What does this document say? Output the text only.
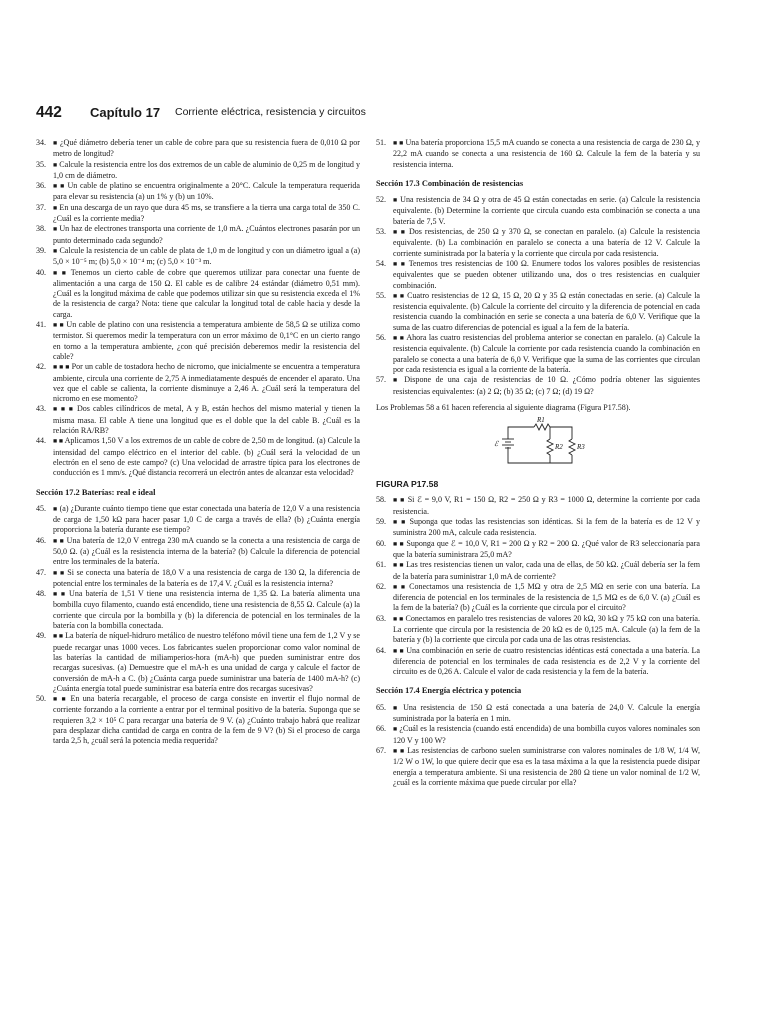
442 Capítulo 17 Corriente eléctrica, resistencia y circuitos

34. ■ ¿Qué diámetro debería tener un cable de cobre para que su resistencia fuera de 0,010 Ω por metro de longitud?

35. ■ Calcule la resistencia entre los dos extremos de un cable de aluminio de 0,25 m de longitud y 1,0 cm de diámetro.

36. ■ ■ Un cable de platino se encuentra originalmente a 20°C. Calcule la temperatura requerida para elevar su resistencia (a) un 1% y (b) un 10%.

37. ■ En una descarga de un rayo que dura 45 ms, se transfiere a la tierra una carga total de 350 C. ¿Cuál es la corriente media?

38. ■ Un haz de electrones transporta una corriente de 1,0 mA. ¿Cuántos electrones pasarán por un punto determinado cada segundo?

39. ■ Calcule la resistencia de un cable de plata de 1,0 m de longitud y con un diámetro igual a (a) 5,0 × 10⁻⁵ m; (b) 5,0 × 10⁻⁴ m; (c) 5,0 × 10⁻³ m.

40. ■ ■ Tenemos un cierto cable de cobre que queremos utilizar para conectar una fuente de alimentación a una carga de 150 Ω. El cable es de calibre 24 estándar (diámetro 0,51 mm). ¿Cuál es la longitud máxima de cable que podemos utilizar sin que su resistencia exceda el 1% de la resistencia de carga? Nota: tiene que calcular la longitud total de cable hacia y desde la carga.

41. ■ ■ Un cable de platino con una resistencia a temperatura ambiente de 58,5 Ω se utiliza como termistor. Si queremos medir la temperatura con un error máximo de 0,1°C en un cierto rango en torno a la temperatura ambiente, ¿con qué precisión deberemos medir la resistencia del cable?

42. ■ ■ ■ Por un cable de tostadora hecho de nicromo, que inicialmente se encuentra a temperatura ambiente, circula una corriente de 2,75 A inmediatamente después de encender el aparato. Una vez que el cable se calienta, la corriente disminuye a 2,46 A. ¿Cuál será la temperatura del nicromo en ese momento?

43. ■ ■ ■ Dos cables cilíndricos de metal, A y B, están hechos del mismo material y tienen la misma masa. El cable A tiene una longitud que es el doble que la del cable B. ¿Cuál es la relación RA/RB?

44. ■ ■ Aplicamos 1,50 V a los extremos de un cable de cobre de 2,50 m de longitud. (a) Calcule la intensidad del campo eléctrico en el interior del cable. (b) ¿Cuál será la velocidad de un electrón en el seno de este campo? (c) Una velocidad de arrastre típica para los electrones de conducción es 1 mm/s. ¿Qué distancia recorrerá un electrón antes de alcanzar esta velocidad?

Sección 17.2 Baterías: real e ideal

45. ■ (a) ¿Durante cuánto tiempo tiene que estar conectada una batería de 12,0 V a una resistencia de carga de 1,50 kΩ para hacer pasar 1,0 C de carga a través de ella? (b) ¿Cuánta energía proporciona la batería durante ese tiempo?

46. ■ ■ Una batería de 12,0 V entrega 230 mA cuando se la conecta a una resistencia de carga de 50,0 Ω. (a) ¿Cuál es la resistencia interna de la batería? (b) Calcule la diferencia de potencial entre los terminales de la batería.

47. ■ ■ Si se conecta una batería de 18,0 V a una resistencia de carga de 130 Ω, la diferencia de potencial entre los terminales de la batería es de 17,4 V. ¿Cuál es la resistencia interna?

48. ■ ■ Una batería de 1,51 V tiene una resistencia interna de 1,35 Ω. La batería alimenta una bombilla cuyo filamento, cuando está encendido, tiene una resistencia de 8,55 Ω. Calcule (a) la corriente que circula por la bombilla y (b) la diferencia de potencial en los terminales de la batería con la bombilla conectada.

49. ■ ■ La batería de níquel-hidruro metálico de nuestro teléfono móvil tiene una fem de 1,2 V y se puede recargar unas 1000 veces. Los fabricantes suelen proporcionar como valor nominal de las baterías la cantidad de miliamperios-hora (mA-h) que pueden suministrar entre dos recargas sucesivas. (a) Demuestre que el mA-h es una unidad de carga y calcule el factor de conversión de mA-h a C. (b) ¿Cuánta carga puede suministrar una batería de 1400 mA-h? (c) ¿Cuánta energía total puede suministrar esa batería entre dos recargas sucesivas?

50. ■ ■ En una batería recargable, el proceso de carga consiste en invertir el flujo normal de corriente forzando a la corriente a entrar por el terminal positivo de la batería. Suponga que se requieren 3,2 × 10⁵ C para recargar una batería de 9 V. (a) ¿Cuánto trabajo habrá que realizar para desplazar dicha cantidad de carga en contra de la fem de 9 V? (b) Si el proceso de carga tarda 2,5 h, ¿cuál será la potencia media requerida?

51. ■ ■ Una batería proporciona 15,5 mA cuando se conecta a una resistencia de carga de 230 Ω, y 22,2 mA cuando se conecta a una resistencia de 160 Ω. Calcule la fem de la batería y su resistencia interna.

Sección 17.3 Combinación de resistencias

52. ■ Una resistencia de 34 Ω y otra de 45 Ω están conectadas en serie. (a) Calcule la resistencia equivalente. (b) Determine la corriente que circula cuando esta combinación se conecta a una batería de 7,5 V.

53. ■ ■ Dos resistencias, de 250 Ω y 370 Ω, se conectan en paralelo. (a) Calcule la resistencia equivalente. (b) La combinación en paralelo se conecta a una batería de 12 V. Calcule la corriente suministrada por la batería y la corriente que circula por cada resistencia.

54. ■ ■ Tenemos tres resistencias de 100 Ω. Enumere todos los valores posibles de resistencias equivalentes que se pueden obtener utilizando una, dos o tres resistencias en cualquier combinación.

55. ■ ■ Cuatro resistencias de 12 Ω, 15 Ω, 20 Ω y 35 Ω están conectadas en serie. (a) Calcule la resistencia equivalente. (b) Calcule la corriente del circuito y la diferencia de potencial en cada resistencia cuando la combinación en serie se conecta a una batería de 6,0 V. Verifique que la suma de las cuatro diferencias de potencial es igual a la fem de la batería.

56. ■ ■ Ahora las cuatro resistencias del problema anterior se conectan en paralelo. (a) Calcule la resistencia equivalente. (b) Calcule la corriente por cada resistencia cuando la combinación en paralelo se conecta a una batería de 6,0 V. Verifique que la suma de las corrientes que circulan por cada resistencia es igual a la corriente de la batería.

57. ■ Dispone de una caja de resistencias de 10 Ω. ¿Cómo podría obtener las siguientes resistencias equivalentes: (a) 2 Ω; (b) 35 Ω; (c) 7 Ω; (d) 19 Ω?

Los Problemas 58 a 61 hacen referencia al siguiente diagrama (Figura P17.58).
R1
R2 R3
ℰ
FIGURA P17.58

58. ■ ■ Si ℰ = 9,0 V, R1 = 150 Ω, R2 = 250 Ω y R3 = 1000 Ω, determine la corriente por cada resistencia.

59. ■ ■ Suponga que todas las resistencias son idénticas. Si la fem de la batería es de 12 V y suministra 200 mA, calcule cada resistencia.

60. ■ ■ Suponga que ℰ = 10,0 V, R1 = 200 Ω y R2 = 200 Ω. ¿Qué valor de R3 seleccionaría para que la batería suministrara 25,0 mA?

61. ■ ■ Las tres resistencias tienen un valor, cada una de ellas, de 50 kΩ. ¿Cuál debería ser la fem de la batería para suministrar 1,0 mA de corriente?

62. ■ ■ Conectamos una resistencia de 1,5 MΩ y otra de 2,5 MΩ en serie con una batería. La diferencia de potencial en los terminales de la resistencia de 1,5 MΩ es de 6,0 V. (a) ¿Cuál es la fem de la batería? (b) ¿Cuál es la corriente que circula por el circuito?

63. ■ ■ Conectamos en paralelo tres resistencias de valores 20 kΩ, 30 kΩ y 75 kΩ con una batería. La corriente que circula por la resistencia de 20 kΩ es de 0,125 mA. Calcule (a) la fem de la batería y (b) la corriente que circula por cada una de las otras resistencias.

64. ■ ■ Una combinación en serie de cuatro resistencias idénticas está conectada a una batería. La diferencia de potencial en los terminales de cada resistencia es de 2,2 V y la corriente del circuito es de 0,26 A. Calcule el valor de cada resistencia y la fem de la batería.

Sección 17.4 Energía eléctrica y potencia

65. ■ Una resistencia de 150 Ω está conectada a una batería de 24,0 V. Calcule la energía suministrada por la batería en 1 min.

66. ■ ¿Cuál es la resistencia (cuando está encendida) de una bombilla cuyos valores nominales son 120 V y 100 W?

67. ■ ■ Las resistencias de carbono suelen suministrarse con valores nominales de 1/8 W, 1/4 W, 1/2 W o 1W, lo que quiere decir que esa es la tasa máxima a la que la resistencia puede disipar energía a temperatura ambiente. Si una resistencia de 280 Ω tiene un valor nominal de 1/2 W, ¿cuál es la corriente máxima que puede circular por ella?
